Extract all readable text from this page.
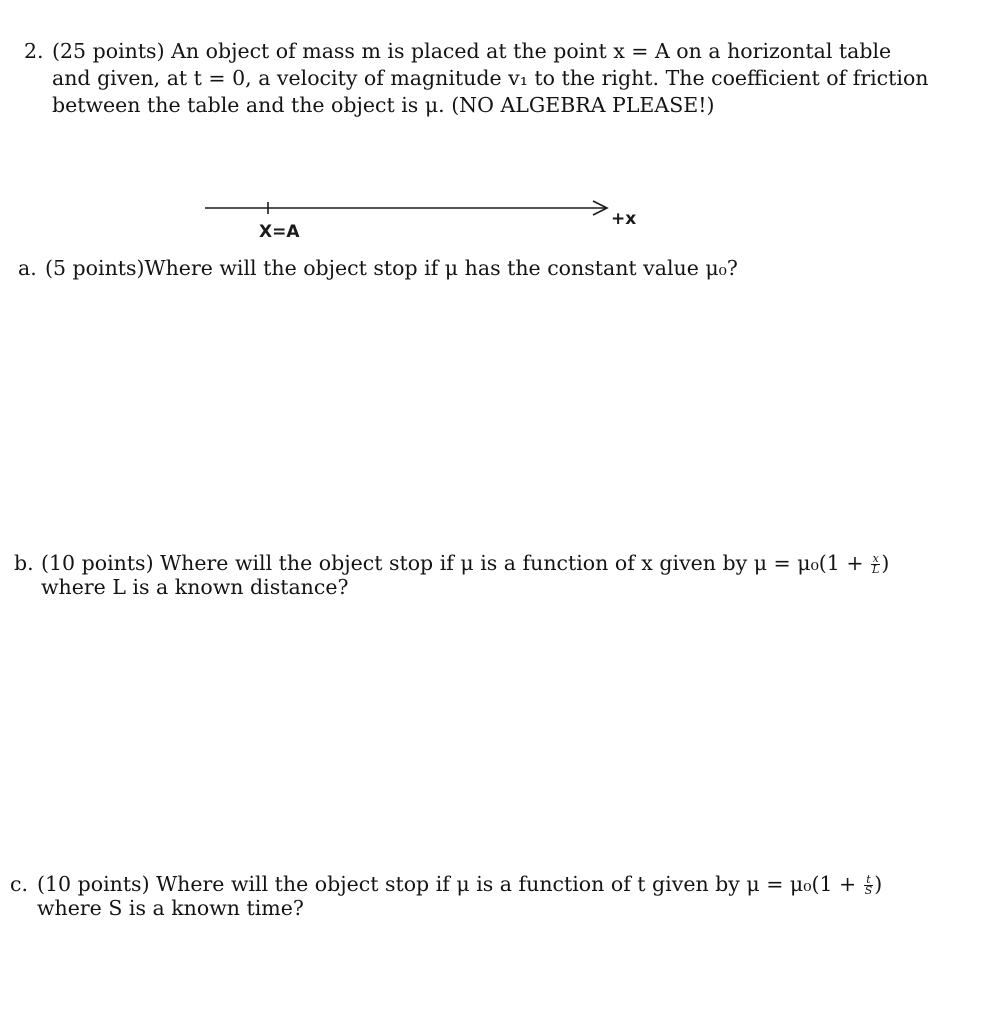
2. (25 points) An object of mass m is placed at the point x = A on a horizontal table
and given, at t = 0, a velocity of magnitude v₁ to the right. The coefficient of friction
between the table and the object is μ. (NO ALGEBRA PLEASE!)
X=A
+x
a. (5 points)Where will the object stop if μ has the constant value μ₀?
b. (10 points) Where will the object stop if μ is a function of x given by $\mu = \mu_0(1 + \frac{x}{L}$ )
where L is a known distance?
c. (10 points) Where will the object stop if μ is a function of t given by $\mu = \mu_0(1 + \frac{t}{S}$ )
where S is a known time?
